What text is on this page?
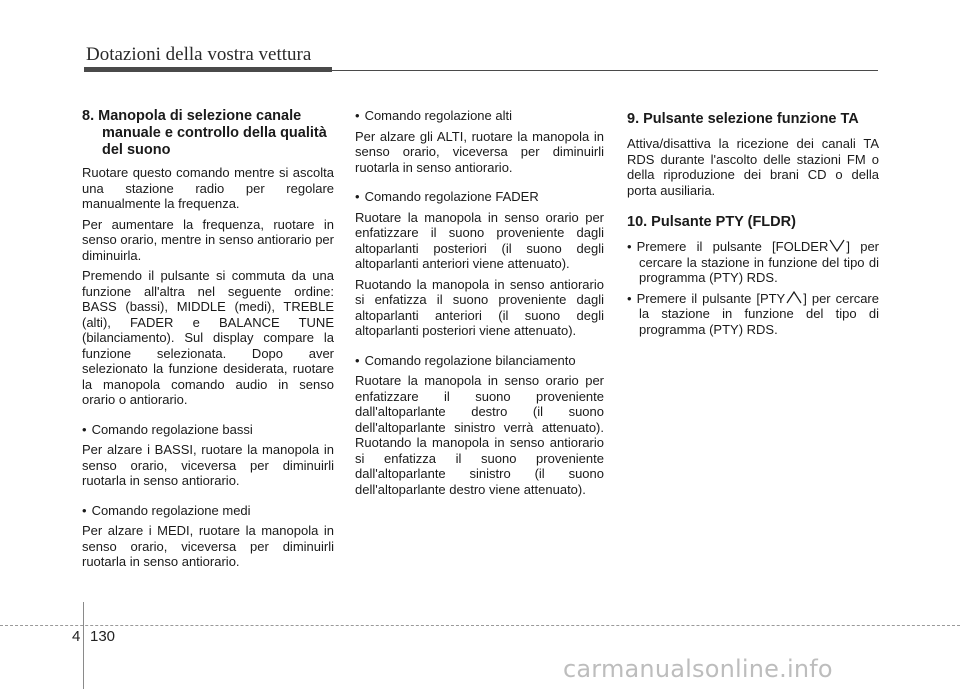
Dotazioni della vostra vettura
8. Manopola di selezione canale manuale e controllo della qualità del suono

Ruotare questo comando mentre si ascolta una stazione radio per regolare manualmente la frequenza.

Per aumentare la frequenza, ruotare in senso orario, mentre in senso antiorario per diminuirla.

Premendo il pulsante si commuta da una funzione all'altra nel seguente ordine: BASS (bassi), MIDDLE (medi), TREBLE (alti), FADER e BALANCE TUNE (bilanciamento). Sul display compare la funzione selezionata. Dopo aver selezionato la funzione desiderata, ruotare la manopola comando audio in senso orario o antiorario.

• Comando regolazione bassi

Per alzare i BASSI, ruotare la manopola in senso orario, viceversa per diminuirli ruotarla in senso antiorario.

• Comando regolazione medi

Per alzare i MEDI, ruotare la manopola in senso orario, viceversa per diminuirli ruotarla in senso antiorario.

• Comando regolazione alti

Per alzare gli ALTI, ruotare la manopola in senso orario, viceversa per diminuirli ruotarla in senso antiorario.

• Comando regolazione FADER

Ruotare la manopola in senso orario per enfatizzare il suono proveniente dagli altoparlanti posteriori (il suono degli altoparlanti anteriori viene attenuato).

Ruotando la manopola in senso antiorario si enfatizza il suono proveniente dagli altoparlanti anteriori (il suono degli altoparlanti posteriori viene attenuato).

• Comando regolazione bilanciamento

Ruotare la manopola in senso orario per enfatizzare il suono proveniente dall'altoparlante destro (il suono dell'altoparlante sinistro verrà attenuato). Ruotando la manopola in senso antiorario si enfatizza il suono proveniente dall'altoparlante sinistro (il suono dell'altoparlante destro viene attenuato).

9. Pulsante selezione funzione TA

Attiva/disattiva la ricezione dei canali TA RDS durante l'ascolto delle stazioni FM o della riproduzione dei brani CD o della porta ausiliaria.

10. Pulsante PTY (FLDR)

• Premere il pulsante [FOLDER ] per cercare la stazione in funzione del tipo di programma (PTY) RDS.

• Premere il pulsante [PTY ] per cercare la stazione in funzione del tipo di programma (PTY) RDS.

4 130
carmanualsonline.info
